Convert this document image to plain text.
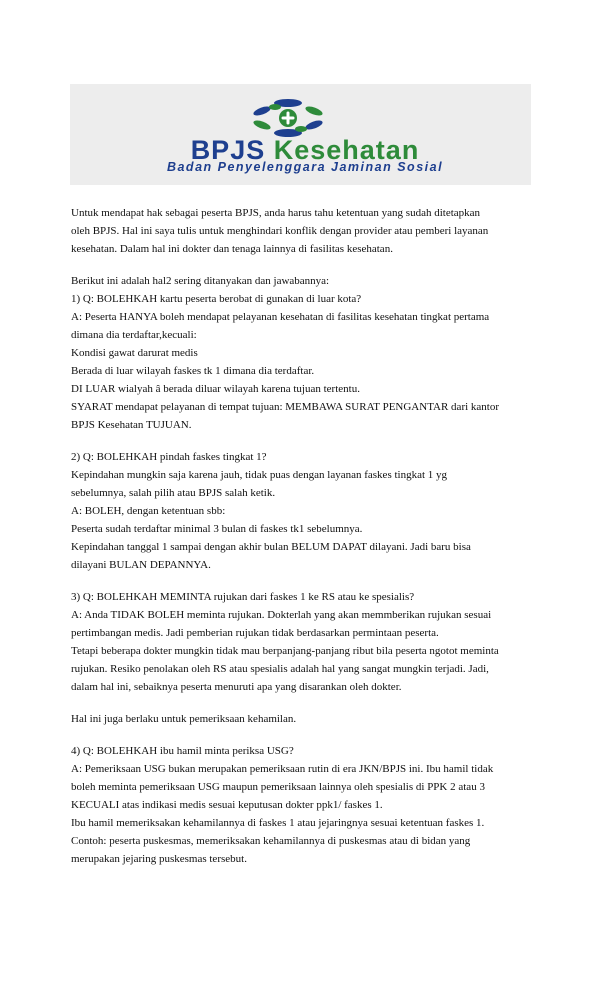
BPJS Kesehatan
Badan Penyelenggara Jaminan Sosial

Untuk mendapat hak sebagai peserta BPJS, anda harus tahu ketentuan yang sudah ditetapkan

oleh BPJS. Hal ini saya tulis untuk menghindari konflik dengan provider atau pemberi layanan

kesehatan. Dalam hal ini dokter dan tenaga lainnya di fasilitas kesehatan.

Berikut ini adalah hal2 sering ditanyakan dan jawabannya:

1) Q: BOLEHKAH kartu peserta berobat di gunakan di luar kota?

A: Peserta HANYA boleh mendapat pelayanan kesehatan di fasilitas kesehatan tingkat pertama

dimana dia terdaftar,kecuali:

Kondisi gawat darurat medis

Berada di luar wilayah faskes tk 1 dimana dia terdaftar.

DI LUAR wialyah â berada diluar wilayah karena tujuan tertentu.

SYARAT mendapat pelayanan di tempat tujuan: MEMBAWA SURAT PENGANTAR dari kantor

BPJS Kesehatan TUJUAN.

2) Q: BOLEHKAH pindah faskes tingkat 1?

Kepindahan mungkin saja karena jauh, tidak puas dengan layanan faskes tingkat 1 yg

sebelumnya, salah pilih atau BPJS salah ketik.

A: BOLEH, dengan ketentuan sbb:

Peserta sudah terdaftar minimal 3 bulan di faskes tk1 sebelumnya.

Kepindahan tanggal 1 sampai dengan akhir bulan BELUM DAPAT dilayani. Jadi baru bisa

dilayani BULAN DEPANNYA.

3) Q: BOLEHKAH MEMINTA rujukan dari faskes 1 ke RS atau ke spesialis?

A: Anda TIDAK BOLEH meminta rujukan. Dokterlah yang akan memmberikan rujukan sesuai

pertimbangan medis. Jadi pemberian rujukan tidak berdasarkan permintaan peserta.

Tetapi beberapa dokter mungkin tidak mau berpanjang-panjang ribut bila peserta ngotot meminta

rujukan. Resiko penolakan oleh RS atau spesialis adalah hal yang sangat mungkin terjadi. Jadi,

dalam hal ini, sebaiknya peserta menuruti apa yang disarankan oleh dokter.

Hal ini juga berlaku untuk pemeriksaan kehamilan.

4) Q: BOLEHKAH ibu hamil minta periksa USG?

A: Pemeriksaan USG bukan merupakan pemeriksaan rutin di era JKN/BPJS ini. Ibu hamil tidak

boleh meminta pemeriksaan USG maupun pemeriksaan lainnya oleh spesialis di PPK 2 atau 3

KECUALI atas indikasi medis sesuai keputusan dokter ppk1/ faskes 1.

Ibu hamil memeriksakan kehamilannya di faskes 1 atau jejaringnya sesuai ketentuan faskes 1.

Contoh: peserta puskesmas, memeriksakan kehamilannya di puskesmas atau di bidan yang

merupakan jejaring puskesmas tersebut.
